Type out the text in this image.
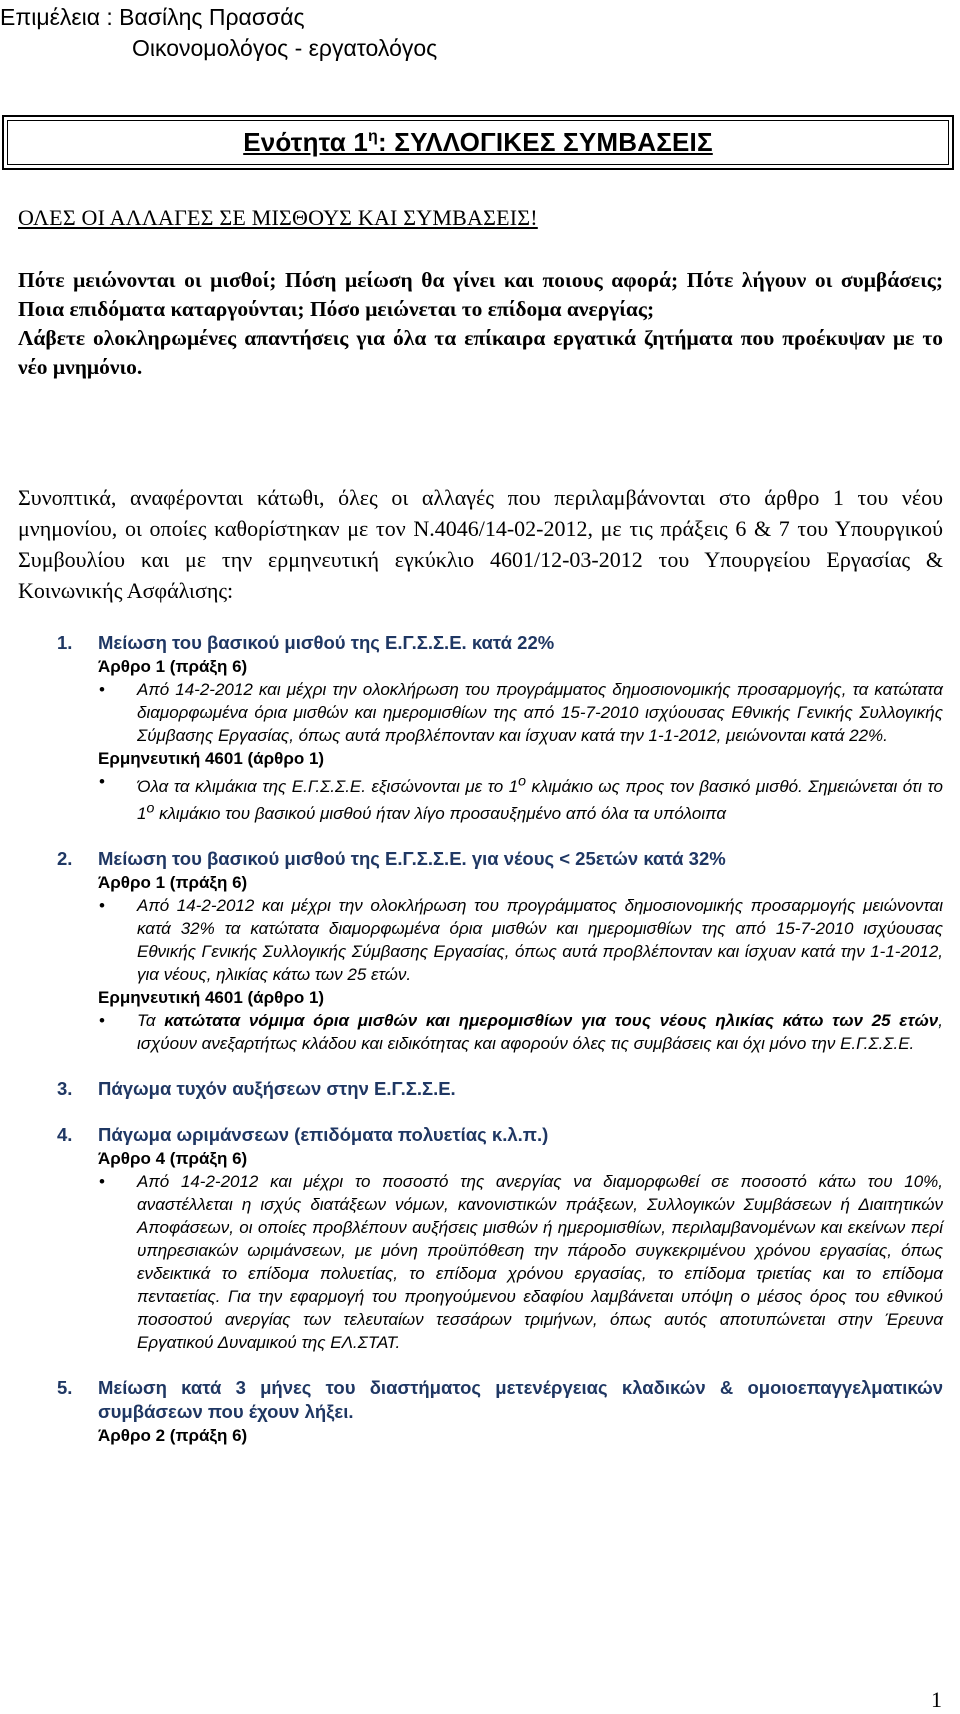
Επιμέλεια : Βασίλης Πρασσάς
Οικονομολόγος - εργατολόγος
Ενότητα $1^\eta$: ΣΥΛΛΟΓΙΚΕΣ ΣΥΜΒΑΣΕΙΣ
ΟΛΕΣ ΟΙ ΑΛΛΑΓΕΣ ΣΕ ΜΙΣΘΟΥΣ ΚΑΙ ΣΥΜΒΑΣΕΙΣ!

Πότε μειώνονται οι μισθοί; Πόση μείωση θα γίνει και ποιους αφορά; Πότε λήγουν οι συμβάσεις; Ποια επιδόματα καταργούνται; Πόσο μειώνεται το επίδομα ανεργίας;

Λάβετε ολοκληρωμένες απαντήσεις για όλα τα επίκαιρα εργατικά ζητήματα που προέκυψαν με το νέο μνημόνιο.

Συνοπτικά, αναφέρονται κάτωθι, όλες οι αλλαγές που περιλαμβάνονται στο άρθρο 1 του νέου μνημονίου, οι οποίες καθορίστηκαν με τον Ν.4046/14-02-2012, με τις πράξεις 6 & 7 του Υπουργικού Συμβουλίου και με την ερμηνευτική εγκύκλιο 4601/12-03-2012 του Υπουργείου Εργασίας & Κοινωνικής Ασφάλισης:
1. Μείωση του βασικού μισθού της Ε.Γ.Σ.Σ.Ε. κατά 22%
Άρθρο 1 (πράξη 6)
• Από 14-2-2012 και μέχρι την ολοκλήρωση του προγράμματος δημοσιονομικής προσαρμογής, τα κατώτατα διαμορφωμένα όρια μισθών και ημερομισθίων της από 15-7-2010 ισχύουσας Εθνικής Γενικής Συλλογικής Σύμβασης Εργασίας, όπως αυτά προβλέπονταν και ίσχυαν κατά την 1-1-2012, μειώνονται κατά 22%.
Ερμηνευτική 4601 (άρθρο 1)
• Όλα τα κλιμάκια της Ε.Γ.Σ.Σ.Ε. εξισώνονται με το $1^o$ κλιμάκιο ως προς τον βασικό μισθό. Σημειώνεται ότι το $1^o$ κλιμάκιο του βασικού μισθού ήταν λίγο προσαυξημένο από όλα τα υπόλοιπα
2. Μείωση του βασικού μισθού της Ε.Γ.Σ.Σ.Ε. για νέους < 25ετών κατά 32%
Άρθρο 1 (πράξη 6)
• Από 14-2-2012 και μέχρι την ολοκλήρωση του προγράμματος δημοσιονομικής προσαρμογής μειώνονται κατά 32% τα κατώτατα διαμορφωμένα όρια μισθών και ημερομισθίων της από 15-7-2010 ισχύουσας Εθνικής Γενικής Συλλογικής Σύμβασης Εργασίας, όπως αυτά προβλέπονταν και ίσχυαν κατά την 1-1-2012, για νέους, ηλικίας κάτω των 25 ετών.
Ερμηνευτική 4601 (άρθρο 1)
• Τα κατώτατα νόμιμα όρια μισθών και ημερομισθίων για τους νέους ηλικίας κάτω των 25 ετών, ισχύουν ανεξαρτήτως κλάδου και ειδικότητας και αφορούν όλες τις συμβάσεις και όχι μόνο την Ε.Γ.Σ.Σ.Ε.
3. Πάγωμα τυχόν αυξήσεων στην Ε.Γ.Σ.Σ.Ε.
4. Πάγωμα ωριμάνσεων (επιδόματα πολυετίας κ.λ.π.)
Άρθρο 4 (πράξη 6)
• Από 14-2-2012 και μέχρι το ποσοστό της ανεργίας να διαμορφωθεί σε ποσοστό κάτω του 10%, αναστέλλεται η ισχύς διατάξεων νόμων, κανονιστικών πράξεων, Συλλογικών Συμβάσεων ή Διαιτητικών Αποφάσεων, οι οποίες προβλέπουν αυξήσεις μισθών ή ημερομισθίων, περιλαμβανομένων και εκείνων περί υπηρεσιακών ωριμάνσεων, με μόνη προϋπόθεση την πάροδο συγκεκριμένου χρόνου εργασίας, όπως ενδεικτικά το επίδομα πολυετίας, το επίδομα χρόνου εργασίας, το επίδομα τριετίας και το επίδομα πενταετίας. Για την εφαρμογή του προηγούμενου εδαφίου λαμβάνεται υπόψη ο μέσος όρος του εθνικού ποσοστού ανεργίας των τελευταίων τεσσάρων τριμήνων, όπως αυτός αποτυπώνεται στην Έρευνα Εργατικού Δυναμικού της ΕΛ.ΣΤΑΤ.
5. Μείωση κατά 3 μήνες του διαστήματος μετενέργειας κλαδικών & ομοιοεπαγγελματικών συμβάσεων που έχουν λήξει.
Άρθρο 2 (πράξη 6)
1
